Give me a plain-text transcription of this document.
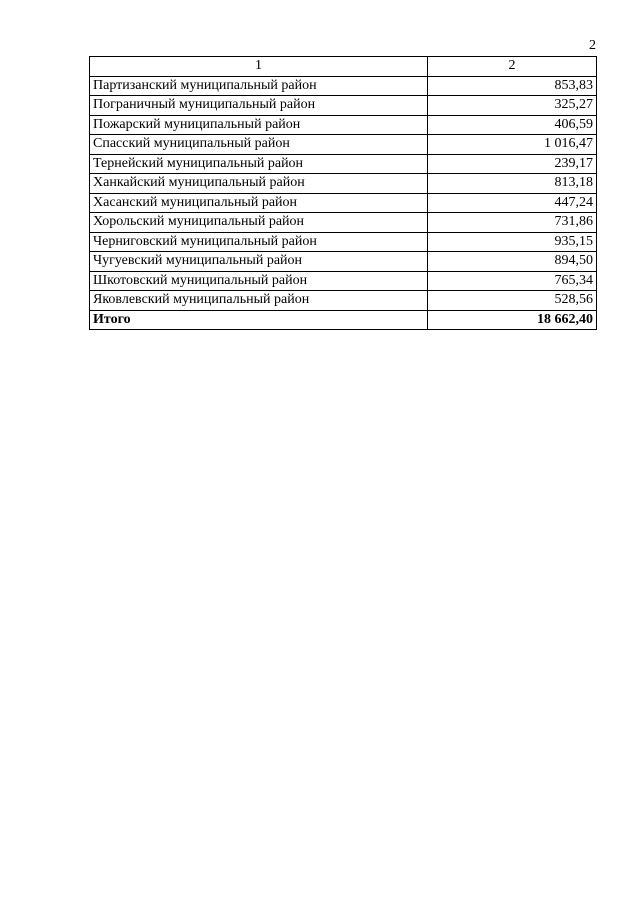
2
1	2
Партизанский муниципальный район	853,83
Пограничный муниципальный район	325,27
Пожарский муниципальный район	406,59
Спасский муниципальный район	1 016,47
Тернейский муниципальный район	239,17
Ханкайский муниципальный район	813,18
Хасанский муниципальный район	447,24
Хорольский муниципальный район	731,86
Черниговский муниципальный район	935,15
Чугуевский муниципальный район	894,50
Шкотовский муниципальный район	765,34
Яковлевский муниципальный район	528,56
Итого	18 662,40
